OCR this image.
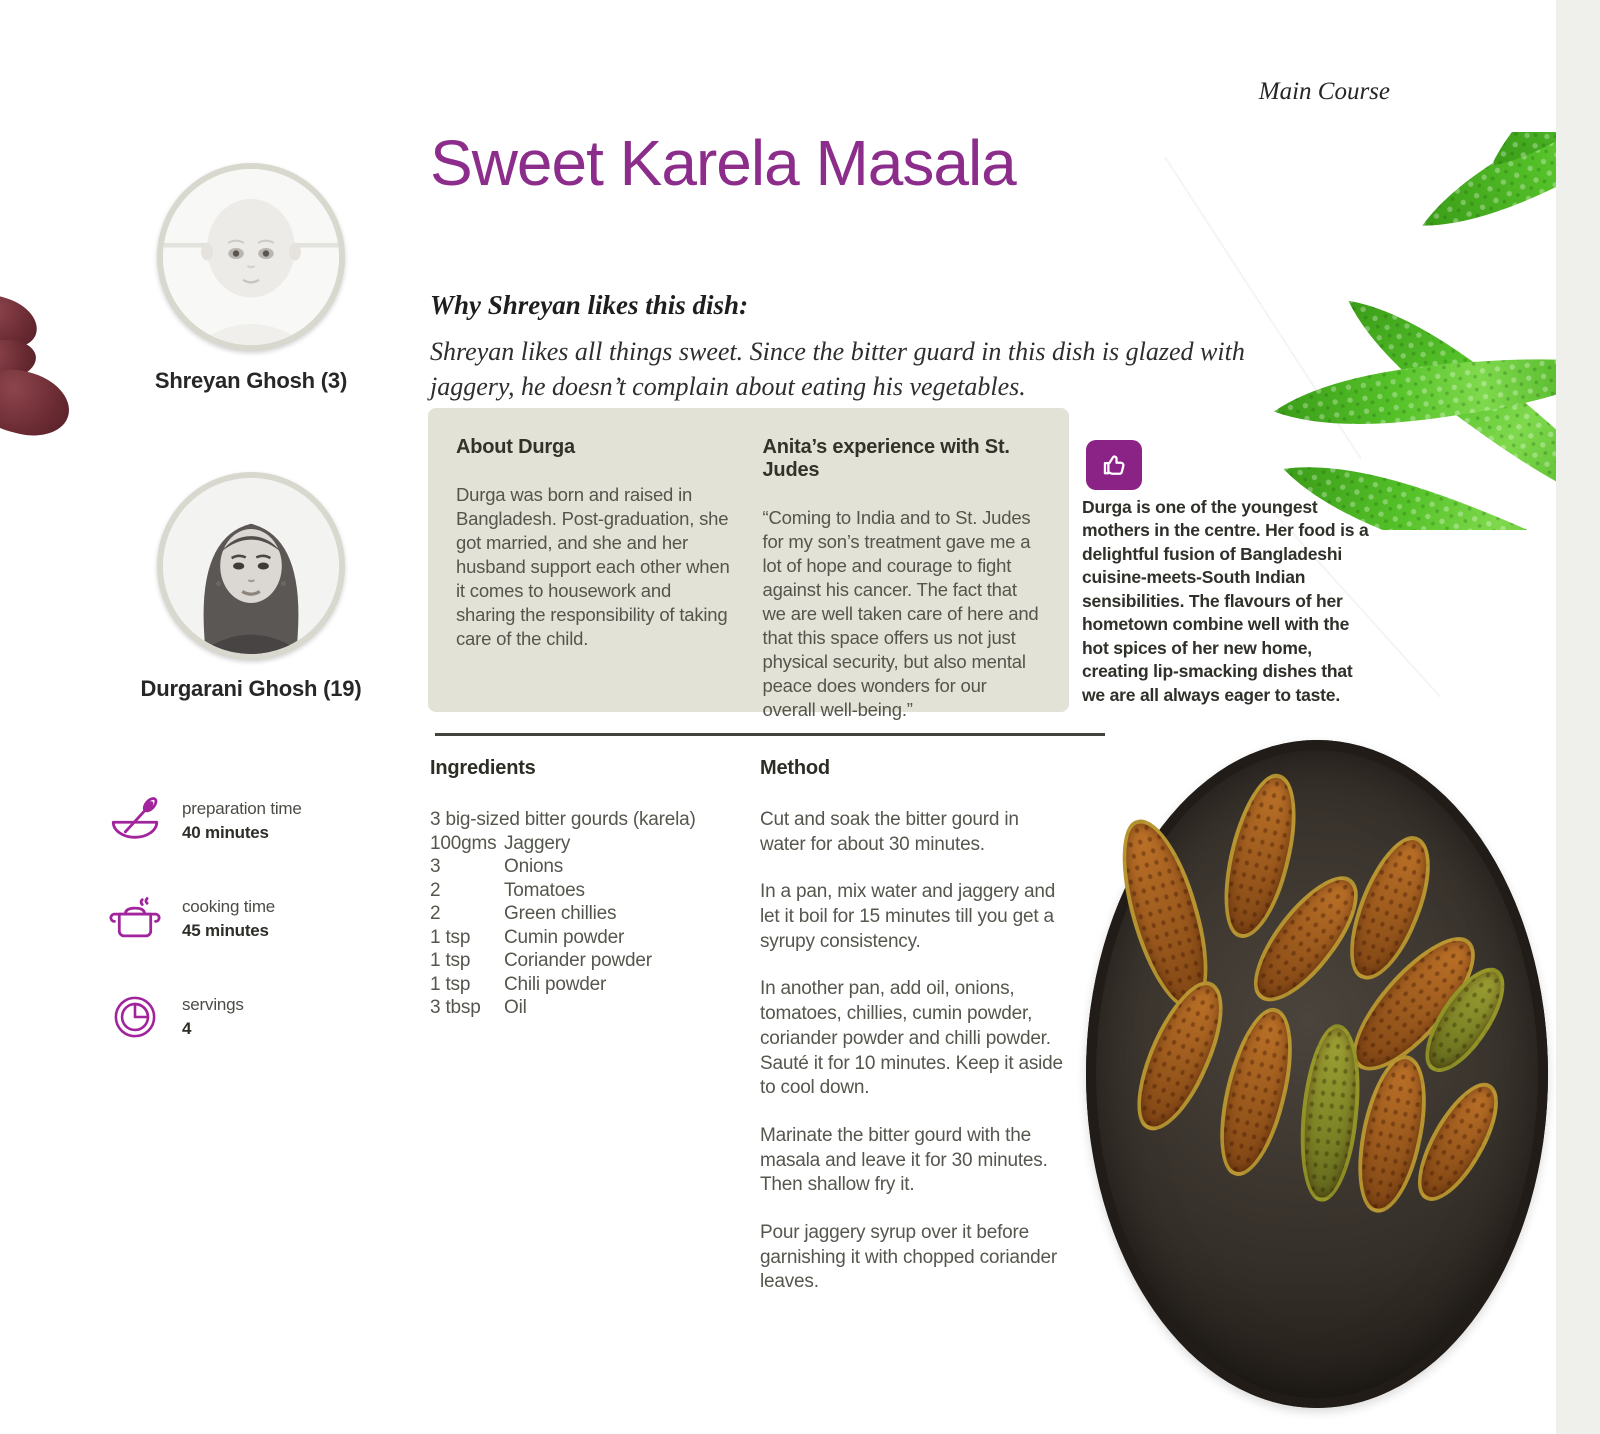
Main Course
Sweet Karela Masala
Shreyan Ghosh (3)
Durgarani Ghosh (19)
Why Shreyan likes this dish:
Shreyan likes all things sweet. Since the bitter guard in this dish is glazed with jaggery, he doesn’t complain about eating his vegetables.
About Durga

Durga was born and raised in Bangladesh. Post-graduation, she got married, and she and her husband support each other when it comes to housework and sharing the responsibility of taking care of the child.

Anita’s experience with St. Judes

“Coming to India and to St. Judes for my son’s treatment gave me a lot of hope and courage to fight against his cancer. The fact that we are well taken care of here and that this space offers us not just physical security, but also mental peace does wonders for our overall well-being.”

Durga is one of the youngest mothers in the centre. Her food is a delightful fusion of Bangladeshi cuisine-meets-South Indian sensibilities. The flavours of her hometown combine well with the hot spices of her new home, creating lip-smacking dishes that we are all always eager to taste.

Ingredients

3 big-sized bitter gourds (karela)

100gms Jaggery
3	Onions
2	Tomatoes
2	Green chillies
1 tsp	Cumin powder
1 tsp	Coriander powder
1 tsp	Chili powder
3 tbsp	Oil
Method

Cut and soak the bitter gourd in water for about 30 minutes.

In a pan, mix water and jaggery and let it boil for 15 minutes till you get a syrupy consistency.

In another pan, add oil, onions, tomatoes, chillies, cumin powder, coriander powder and chilli powder. Sauté it for 10 minutes. Keep it aside to cool down.

Marinate the bitter gourd with the masala and leave it for 30 minutes. Then shallow fry it.

Pour jaggery syrup over it before garnishing it with chopped coriander leaves.

preparation time
40 minutes
cooking time
45 minutes
servings
4
